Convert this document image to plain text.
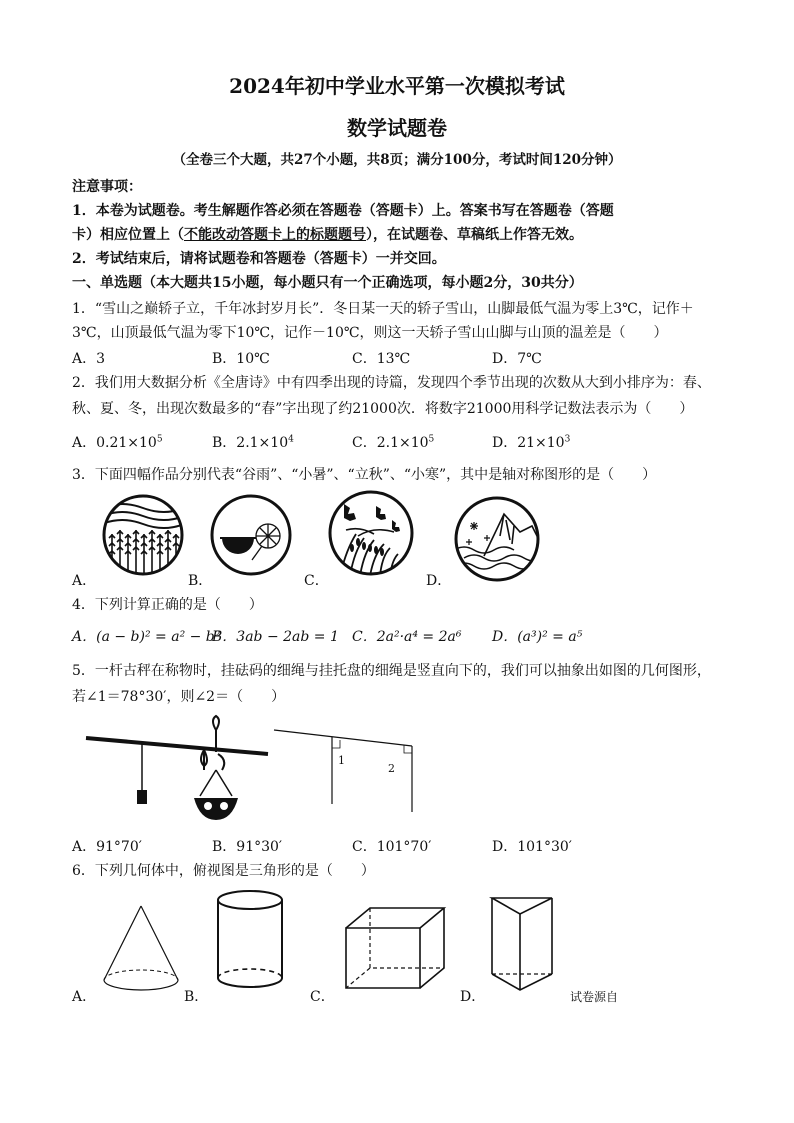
2024年初中学业水平第一次模拟考试
数学试题卷
（全卷三个大题，共27个小题，共8页；满分100分，考试时间120分钟）
注意事项：
1．本卷为试题卷。考生解题作答必须在答题卷（答题卡）上。答案书写在答题卷（答题
卡）相应位置上（不能改动答题卡上的标题题号），在试题卷、草稿纸上作答无效。
2．考试结束后，请将试题卷和答题卷（答题卡）一并交回。
一、单选题（本大题共15小题，每小题只有一个正确选项，每小题2分，30共分）
1．“雪山之巅轿子立，千年冰封岁月长”．冬日某一天的轿子雪山，山脚最低气温为零上3℃，记作＋
3℃，山顶最低气温为零下10℃，记作－10℃，则这一天轿子雪山山脚与山顶的温差是（　　）
A．3	B．10℃	C．13℃	D．7℃
2．我们用大数据分析《全唐诗》中有四季出现的诗篇，发现四个季节出现的次数从大到小排序为：春、
秋、夏、冬，出现次数最多的“春”字出现了约21000次．将数字21000用科学记数法表示为（　　）
A．$0.21\times 10^5$	B．$2.1\times 10^4$	C．$2.1\times 10^5$	D．$21\times 10^3$
3．下面四幅作品分别代表“谷雨”、“小暑”、“立秋”、“小寒”，其中是轴对称图形的是（　　）
A．	B．	C．	D．
4．下列计算正确的是（　　）
A．(a − b)² = a² − b²
B．3ab − 2ab = 1 C．2a²·a⁴ = 2a⁶ D．(a³)² = a⁵
5．一杆古秤在称物时，挂砝码的细绳与挂托盘的细绳是竖直向下的，我们可以抽象出如图的几何图形，
若∠1＝78°30′，则∠2＝（　　）
1
2
A．91°70′	B．91°30′	C．101°70′	D．101°30′
6．下列几何体中，俯视图是三角形的是（　　）
A．	B．	C．	D．	试卷源自
